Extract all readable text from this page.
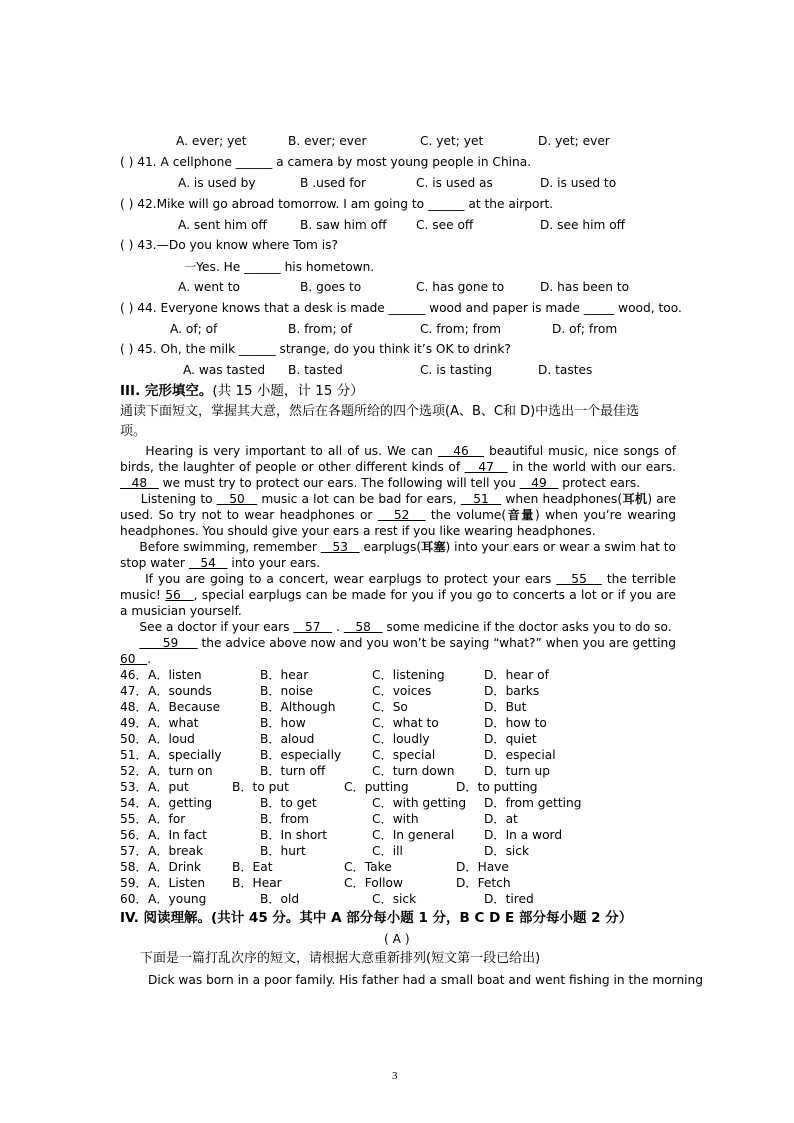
A. ever; yet	B. ever; ever	C. yet; yet	D. yet; ever
( ) 41. A cellphone ______ a camera by most young people in China.
A. is used by	B .used for	C. is used as	D. is used to
( ) 42.Mike will go abroad tomorrow. I am going to ______ at the airport.
A. sent him off	B. saw him off C. see off	D. see him off
( ) 43.—Do you know where Tom is?
一Yes. He ______ his hometown.
A. went to	B. goes to	C. has gone to	D. has been to
( ) 44. Everyone knows that a desk is made ______ wood and paper is made _____ wood, too.
A. of; of	B. from; of	C. from; from	D. of; from
( ) 45. Oh, the milk ______ strange, do you think it’s OK to drink?
A. was tasted B. tasted	C. is tasting	D. tastes
III. 完形填空。(共 15 小题，计 15 分）
通读下面短文，掌握其大意，然后在各题所给的四个选项(A、B、C和 D)中选出一个最佳选
项。
Hearing is very important to all of us. We can    46    beautiful music, nice songs of birds, the laughter of people or other different kinds of    47    in the world with our ears.    48    we must try to protect our ears. The following will tell you    49    protect ears.
Listening to    50    music a lot can be bad for ears,    51    when headphones(耳机) are used. So try not to wear headphones or    52    the volume(音量) when you’re wearing headphones. You should give your ears a rest if you like wearing headphones.
Before swimming, remember    53    earplugs(耳塞) into your ears or wear a swim hat to stop water    54    into your ears.
If you are going to a concert, wear earplugs to protect your ears    55    the terrible music! 56   , special earplugs can be made for you if you go to concerts a lot or if you are a musician yourself.
See a doctor if your ears    57    .    58    some medicine if the doctor asks you to do so.
59      the advice above now and you won’t be saying “what?” when you are getting 60   .
46． A．listen	B．hear	C．listening	D．hear of
47． A．sounds	B．noise	C．voices	D．barks
48． A．Because	B．Although	C．So	D．But
49． A．what	B．how	C．what to	D．how to
50． A．loud	B．aloud	C．loudly	D．quiet
51． A．specially	B．especially	C．special	D．especial
52． A．turn on	B．turn off	C．turn down D．turn up
53． A．put	B．to put	C．putting	D．to putting
54． A．getting	B．to get	C．with getting D．from getting
55． A．for	B．from	C．with	D．at
56． A．In fact	B．In short	C．In general D．In a word
57． A．break	B．hurt	C．ill	D．sick
58． A．Drink	B．Eat	C．Take	D．Have
59． A．Listen B．Hear	C．Follow	D．Fetch
60． A．young	B．old	C．sick	D．tired
IV. 阅读理解。(共计 45 分。其中 A 部分每小题 1 分，B C D E 部分每小题 2 分）
( A )
下面是一篇打乱次序的短文，请根据大意重新排列(短文第一段已给出)
Dick was born in a poor family. His father had a small boat and went fishing in the morning
3
